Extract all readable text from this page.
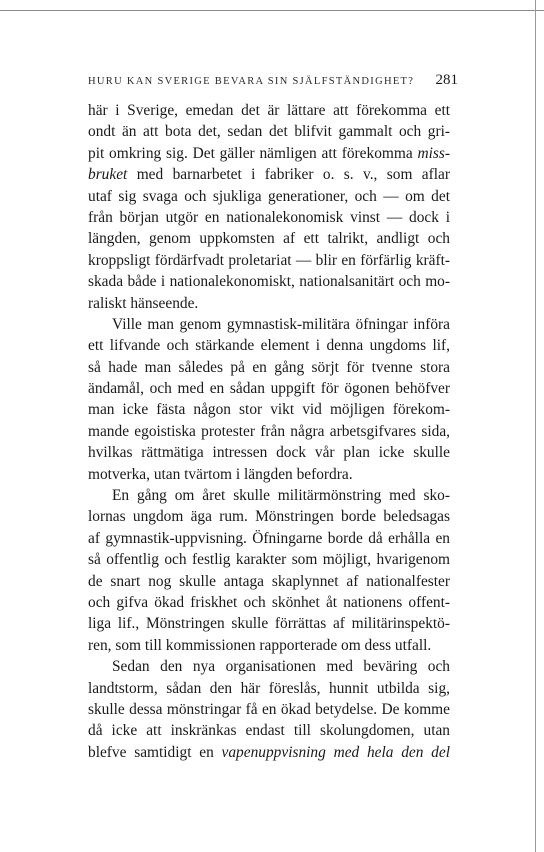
HURU KAN SVERIGE BEVARA SIN SJÄLFSTÄNDIGHET? 281
här i Sverige, emedan det är lättare att förekomma ett
ondt än att bota det, sedan det blifvit gammalt och gri-
pit omkring sig. Det gäller nämligen att förekomma miss-
bruket med barnarbetet i fabriker o. s. v., som aflar
utaf sig svaga och sjukliga generationer, och — om det
från början utgör en nationalekonomisk vinst — dock i
längden, genom uppkomsten af ett talrikt, andligt och
kroppsligt fördärfvadt proletariat — blir en förfärlig kräft-
skada både i nationalekonomiskt, nationalsanitärt och mo-
raliskt hänseende.
Ville man genom gymnastisk-militära öfningar införa
ett lifvande och stärkande element i denna ungdoms lif,
så hade man således på en gång sörjt för tvenne stora
ändamål, och med en sådan uppgift för ögonen behöfver
man icke fästa någon stor vikt vid möjligen förekom-
mande egoistiska protester från några arbetsgifvares sida,
hvilkas rättmätiga intressen dock vår plan icke skulle
motverka, utan tvärtom i längden befordra.
En gång om året skulle militärmönstring med sko-
lornas ungdom äga rum. Mönstringen borde beledsagas
af gymnastik-uppvisning. Öfningarne borde då erhålla en
så offentlig och festlig karakter som möjligt, hvarigenom
de snart nog skulle antaga skaplynnet af nationalfester
och gifva ökad friskhet och skönhet åt nationens offent-
liga lif., Mönstringen skulle förrättas af militärinspektö-
ren, som till kommissionen rapporterade om dess utfall.
Sedan den nya organisationen med beväring och
landtstorm, sådan den här föreslås, hunnit utbilda sig,
skulle dessa mönstringar få en ökad betydelse. De komme
då icke att inskränkas endast till skolungdomen, utan
blefve samtidigt en vapenuppvisning med hela den del
